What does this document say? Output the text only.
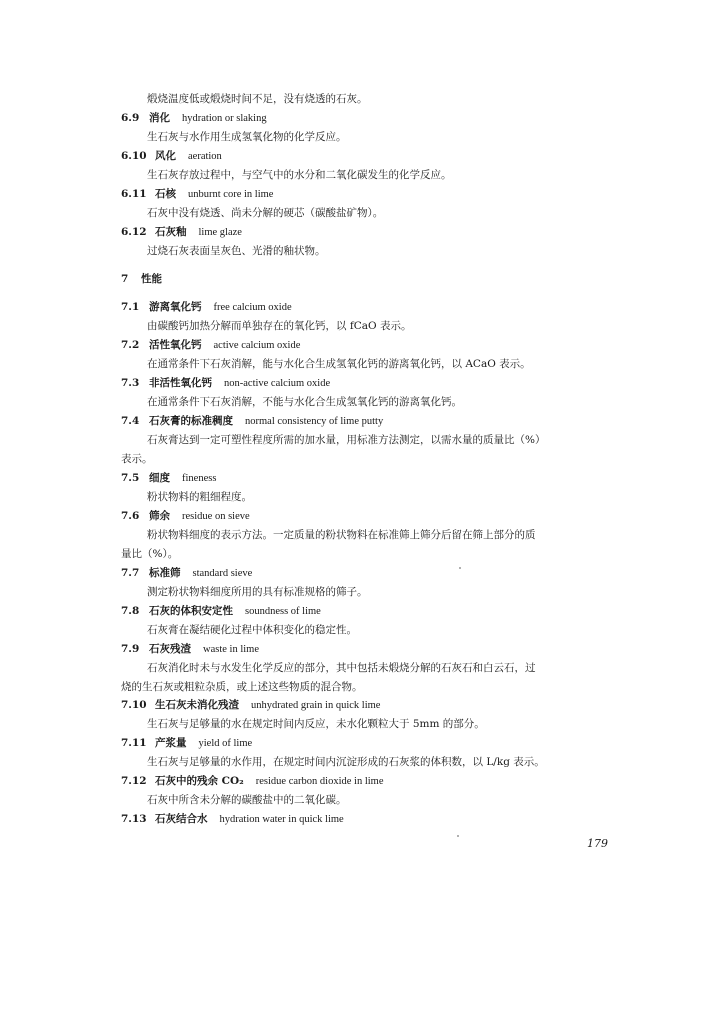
煅烧温度低或煅烧时间不足，没有烧透的石灰。
6.9 消化 hydration or slaking
生石灰与水作用生成氢氧化物的化学反应。
6.10 风化 aeration
生石灰存放过程中，与空气中的水分和二氧化碳发生的化学反应。
6.11 石核 unburnt core in lime
石灰中没有烧透、尚未分解的硬芯（碳酸盐矿物）。
6.12 石灰釉 lime glaze
过烧石灰表面呈灰色、光滑的釉状物。
7 性能
7.1 游离氧化钙 free calcium oxide
由碳酸钙加热分解而单独存在的氧化钙，以 fCaO 表示。
7.2 活性氧化钙 active calcium oxide
在通常条件下石灰消解，能与水化合生成氢氧化钙的游离氧化钙，以 ACaO 表示。
7.3 非活性氧化钙 non-active calcium oxide
在通常条件下石灰消解，不能与水化合生成氢氧化钙的游离氧化钙。
7.4 石灰膏的标准稠度 normal consistency of lime putty
石灰膏达到一定可塑性程度所需的加水量，用标准方法测定，以需水量的质量比（%）
表示。
7.5 细度 fineness
粉状物料的粗细程度。
7.6 筛余 residue on sieve
粉状物料细度的表示方法。一定质量的粉状物料在标准筛上筛分后留在筛上部分的质
量比（%）。
7.7 标准筛 standard sieve
测定粉状物料细度所用的具有标准规格的筛子。
7.8 石灰的体积安定性 soundness of lime
石灰膏在凝结硬化过程中体积变化的稳定性。
7.9 石灰残渣 waste in lime
石灰消化时未与水发生化学反应的部分，其中包括未煅烧分解的石灰石和白云石，过
烧的生石灰或粗粒杂质，或上述这些物质的混合物。
7.10 生石灰未消化残渣 unhydrated grain in quick lime
生石灰与足够量的水在规定时间内反应，未水化颗粒大于 5mm 的部分。
7.11 产浆量 yield of lime
生石灰与足够量的水作用，在规定时间内沉淀形成的石灰浆的体积数，以 L/kg 表示。
7.12 石灰中的残余 CO₂ residue carbon dioxide in lime
石灰中所含未分解的碳酸盐中的二氧化碳。
7.13 石灰结合水 hydration water in quick lime
179
